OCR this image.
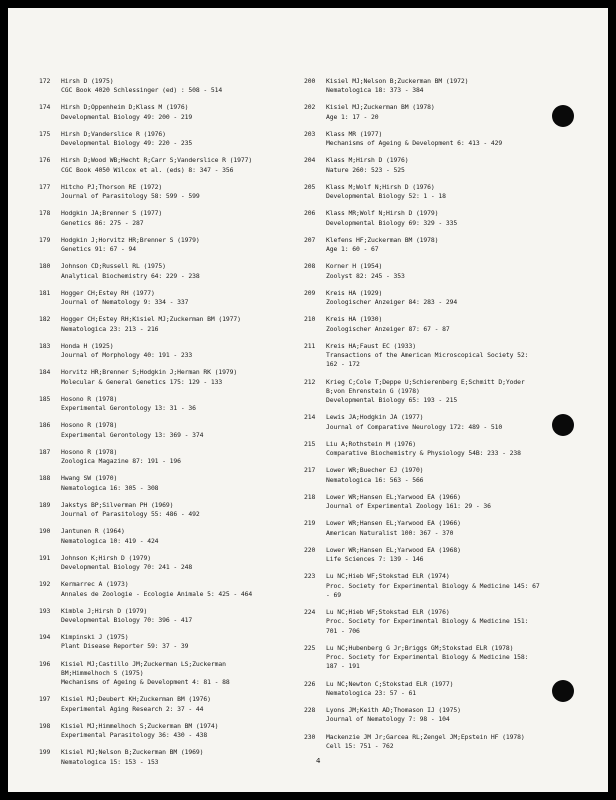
172	Hirsh D (1975)
CGC Book 4020 Schlessinger (ed) : 508 - 514
174	Hirsh D;Oppenheim D;Klass M (1976)
Developmental Biology 49: 200 - 219
175	Hirsh D;Vanderslice R (1976)
Developmental Biology 49: 220 - 235
176	Hirsh D;Wood WB;Hecht R;Carr S;Vanderslice R (1977)
CGC Book 4050 Wilcox et al. (eds) 8: 347 - 356
177	Hitcho PJ;Thorson RE (1972)
Journal of Parasitology 58: 599 - 599
178	Hodgkin JA;Brenner S (1977)
Genetics 86: 275 - 287
179	Hodgkin J;Horvitz HR;Brenner S (1979)
Genetics 91: 67 - 94
180	Johnson CD;Russell RL (1975)
Analytical Biochemistry 64: 229 - 238
181	Hogger CH;Estey RH (1977)
Journal of Nematology 9: 334 - 337
182	Hogger CH;Estey RH;Kisiel MJ;Zuckerman BM (1977)
Nematologica 23: 213 - 216
183	Honda H (1925)
Journal of Morphology 40: 191 - 233
184	Horvitz HR;Brenner S;Hodgkin J;Herman RK (1979)
Molecular & General Genetics 175: 129 - 133
185	Hosono R (1978)
Experimental Gerontology 13: 31 - 36
186	Hosono R (1978)
Experimental Gerontology 13: 369 - 374
187	Hosono R (1978)
Zoologica Magazine 87: 191 - 196
188	Hwang SW (1970)
Nematologica 16: 305 - 308
189	Jakstys BP;Silverman PH (1969)
Journal of Parasitology 55: 486 - 492
190	Jantunen R (1964)
Nematologica 10: 419 - 424
191	Johnson K;Hirsh D (1979)
Developmental Biology 70: 241 - 248
192	Kermarrec A (1973)
Annales de Zoologie - Ecologie Animale 5: 425 - 464
193	Kimble J;Hirsh D (1979)
Developmental Biology 70: 396 - 417
194	Kimpinski J (1975)
Plant Disease Reporter 59: 37 - 39
196	Kisiel MJ;Castillo JM;Zuckerman LS;Zuckerman
BM;Himmelhoch S (1975)
Mechanisms of Ageing & Development 4: 81 - 88
197	Kisiel MJ;Deubert KH;Zuckerman BM (1976)
Experimental Aging Research 2: 37 - 44
198	Kisiel MJ;Himmelhoch S;Zuckerman BM (1974)
Experimental Parasitology 36: 430 - 438
199	Kisiel MJ;Nelson B;Zuckerman BM (1969)
Nematologica 15: 153 - 153
200	Kisiel MJ;Nelson B;Zuckerman BM (1972)
Nematologica 18: 373 - 384
202	Kisiel MJ;Zuckerman BM (1978)
Age 1: 17 - 20
203	Klass MR (1977)
Mechanisms of Ageing & Development 6: 413 - 429
204	Klass M;Hirsh D (1976)
Nature 260: 523 - 525
205	Klass M;Wolf N;Hirsh D (1976)
Developmental Biology 52: 1 - 18
206	Klass MR;Wolf N;Hirsh D (1979)
Developmental Biology 69: 329 - 335
207	Klefens HF;Zuckerman BM (1978)
Age 1: 60 - 67
208	Korner H (1954)
Zoolyst 82: 245 - 353
209	Kreis HA (1929)
Zoologischer Anzeiger 84: 283 - 294
210	Kreis HA (1930)
Zoologischer Anzeiger 87: 67 - 87
211	Kreis HA;Faust EC (1933)
Transactions of the American Microscopical Society 52:
162 - 172
212	Krieg C;Cole T;Deppe U;Schierenberg E;Schmitt D;Yoder
B;von Ehrenstein G (1978)
Developmental Biology 65: 193 - 215
214	Lewis JA;Hodgkin JA (1977)
Journal of Comparative Neurology 172: 489 - 510
215	Liu A;Rothstein M (1976)
Comparative Biochemistry & Physiology 54B: 233 - 238
217	Lower WR;Buecher EJ (1970)
Nematologica 16: 563 - 566
218	Lower WR;Hansen EL;Yarwood EA (1966)
Journal of Experimental Zoology 161: 29 - 36
219	Lower WR;Hansen EL;Yarwood EA (1966)
American Naturalist 100: 367 - 370
220	Lower WR;Hansen EL;Yarwood EA (1968)
Life Sciences 7: 139 - 146
223	Lu NC;Hieb WF;Stokstad ELR (1974)
Proc. Society for Experimental Biology & Medicine 145: 67
- 69
224	Lu NC;Hieb WF;Stokstad ELR (1976)
Proc. Society for Experimental Biology & Medicine 151:
701 - 706
225	Lu NC;Hubenberg G Jr;Briggs GM;Stokstad ELR (1978)
Proc. Society for Experimental Biology & Medicine 158:
187 - 191
226	Lu NC;Newton C;Stokstad ELR (1977)
Nematologica 23: 57 - 61
228	Lyons JM;Keith AD;Thomason IJ (1975)
Journal of Nematology 7: 98 - 104
230	Mackenzie JM Jr;Garcea RL;Zengel JM;Epstein HF (1978)
Cell 15: 751 - 762
4
